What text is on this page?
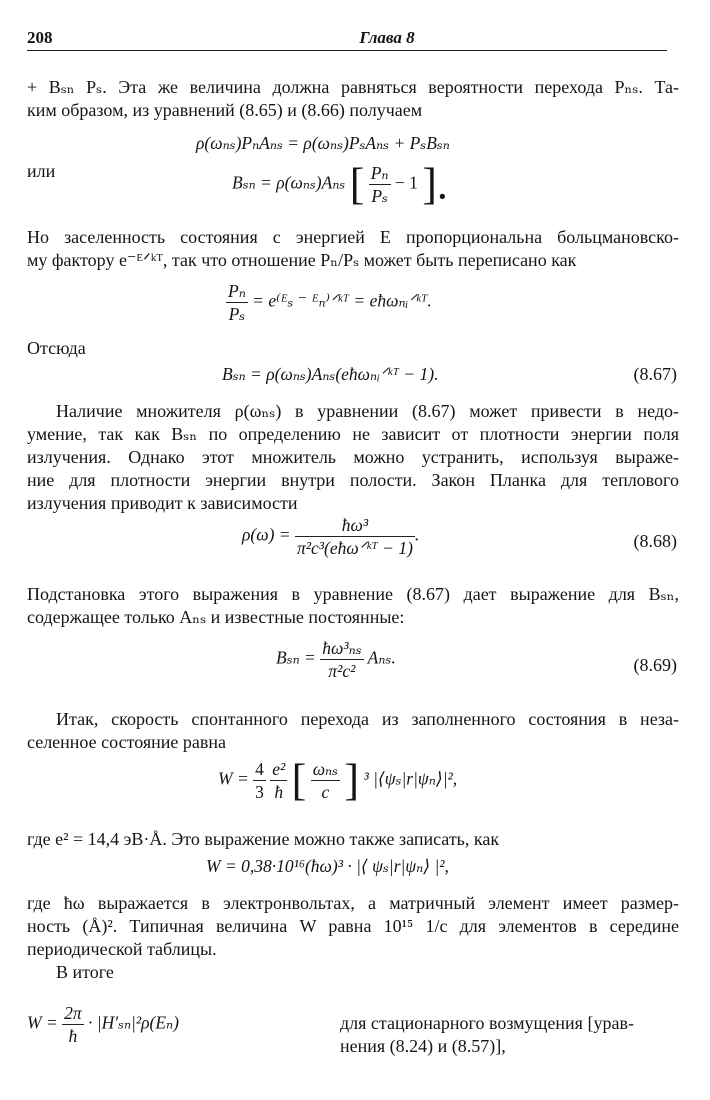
208	Глава 8
+ Bₛₙ Pₛ. Эта же величина должна равняться вероятности перехода Pₙₛ. Та-
ким образом, из уравнений (8.65) и (8.66) получаем
ρ(ωₙₛ)PₙAₙₛ = ρ(ωₙₛ)PₛAₙₛ + PₛBₛₙ
или
Bₛₙ = ρ(ωₙₛ)Aₙₛ [ $\frac{\text{Pₙ}}{\text{Pₛ}} - 1$ ].
Но заселенность состояния с энергией E пропорциональна больцмановско-
му фактору e⁻ᴱᐟᵏᵀ, так что отношение Pₙ/Pₛ может быть переписано как
$\frac{\text{Pₙ}}{\text{Pₛ}}$ = e⁽ᴱₛ ⁻ ᴱₙ⁾ᐟᵏᵀ = eħωₙᵢᐟᵏᵀ.
Отсюда
Bₛₙ = ρ(ωₙₛ)Aₙₛ(eħωₙᵢᐟᵏᵀ − 1).	(8.67)
Наличие множителя ρ(ωₙₛ) в уравнении (8.67) может привести в недо-
умение, так как Bₛₙ по определению не зависит от плотности энергии поля
излучения. Однако этот множитель можно устранить, используя выраже-
ние для плотности энергии внутри полости. Закон Планка для теплового
излучения приводит к зависимости
$\rho(\omega) = \frac{\text{ħω³}}{\text{π²c³(eħωᐟᵏᵀ − 1)}}$ .	(8.68)
Подстановка этого выражения в уравнение (8.67) дает выражение для Bₛₙ,
содержащее только Aₙₛ и известные постоянные:
$B_{sn} = \frac{\text{ħω³ₙₛ}}{\text{π²c²}} A_{ns}$.	(8.69)
Итак, скорость спонтанного перехода из заполненного состояния в неза-
селенное состояние равна
$W = \frac{4}{3}$
$\frac{\text{e²}}{ħ}$ [ $\frac{\text{ωₙₛ}}{c}$ ] ³ |⟨ψₛ|r|ψₙ⟩|²,
где e² = 14,4 эВ·Å. Это выражение можно также записать, как
W = 0,38·10¹⁶(ħω)³ · |⟨ ψₛ|r|ψₙ⟩ |²,
где ħω выражается в электронвольтах, а матричный элемент имеет размер-
ность (Å)². Типичная величина W равна 10¹⁵ 1/с для элементов в середине
периодической таблицы.
В итоге
$W = \frac{2\pi}{ħ} \cdot |H'_{sn}|^2\rho(E_n)$	для стационарного возмущения [урав-
нения (8.24) и (8.57)],
